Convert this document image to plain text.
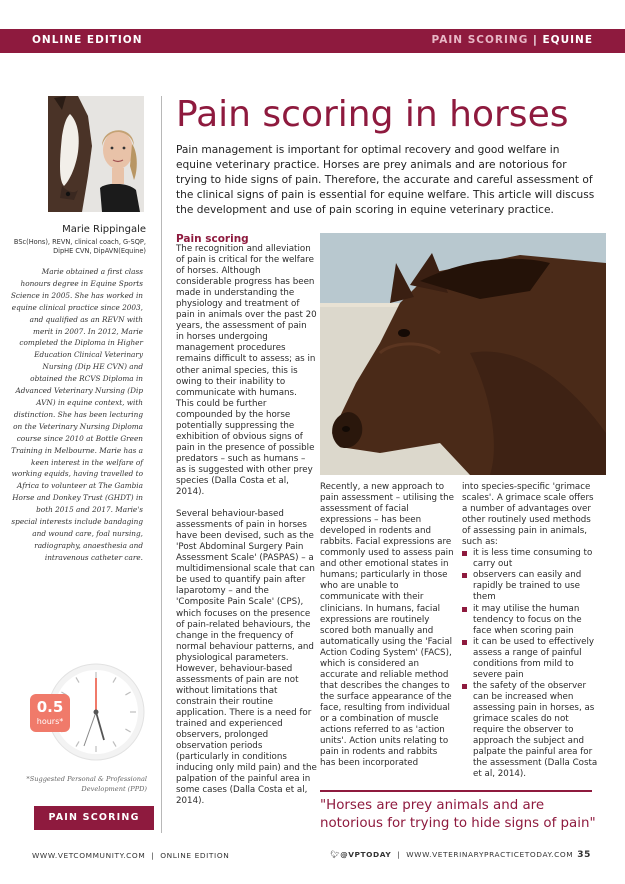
ONLINE EDITION	PAIN SCORING | EQUINE
Marie Rippingale
BSc(Hons), REVN, clinical coach, G-SQP, DipHE CVN, DipAVN(Equine)
Marie obtained a first class honours degree in Equine Sports Science in 2005. She has worked in equine clinical practice since 2003, and qualified as an REVN with merit in 2007. In 2012, Marie completed the Diploma in Higher Education Clinical Veterinary Nursing (Dip HE CVN) and obtained the RCVS Diploma in Advanced Veterinary Nursing (Dip AVN) in equine context, with distinction. She has been lecturing on the Veterinary Nursing Diploma course since 2010 at Bottle Green Training in Melbourne. Marie has a keen interest in the welfare of working equids, having travelled to Africa to volunteer at The Gambia Horse and Donkey Trust (GHDT) in both 2015 and 2017. Marie's special interests include bandaging and wound care, foal nursing, radiography, anaesthesia and intravenous catheter care.
0.5
hours*
*Suggested Personal & Professional Development (PPD)
PAIN SCORING
Pain scoring in horses
Pain management is important for optimal recovery and good welfare in equine veterinary practice. Horses are prey animals and are notorious for trying to hide signs of pain. Therefore, the accurate and careful assessment of the clinical signs of pain is essential for equine welfare. This article will discuss the development and use of pain scoring in equine veterinary practice.
Pain scoring

The recognition and alleviation of pain is critical for the welfare of horses. Although considerable progress has been made in understanding the physiology and treatment of pain in animals over the past 20 years, the assessment of pain in horses undergoing management procedures remains difficult to assess; as in other animal species, this is owing to their inability to communicate with humans. This could be further compounded by the horse potentially suppressing the exhibition of obvious signs of pain in the presence of possible predators – such as humans – as is suggested with other prey species (Dalla Costa et al, 2014).

Several behaviour-based assessments of pain in horses have been devised, such as the 'Post Abdominal Surgery Pain Assessment Scale' (PASPAS) – a multidimensional scale that can be used to quantify pain after laparotomy – and the 'Composite Pain Scale' (CPS), which focuses on the presence of pain-related behaviours, the change in the frequency of normal behaviour patterns, and physiological parameters. However, behaviour-based assessments of pain are not without limitations that constrain their routine application. There is a need for trained and experienced observers, prolonged observation periods (particularly in conditions inducing only mild pain) and the palpation of the painful area in some cases (Dalla Costa et al, 2014).

Recently, a new approach to pain assessment – utilising the assessment of facial expressions – has been developed in rodents and rabbits. Facial expressions are commonly used to assess pain and other emotional states in humans; particularly in those who are unable to communicate with their clinicians. In humans, facial expressions are routinely scored both manually and automatically using the 'Facial Action Coding System' (FACS), which is considered an accurate and reliable method that describes the changes to the surface appearance of the face, resulting from individual or a combination of muscle actions referred to as 'action units'. Action units relating to pain in rodents and rabbits has been incorporated

into species-specific 'grimace scales'. A grimace scale offers a number of advantages over other routinely used methods of assessing pain in animals, such as:

it is less time consuming to carry out
observers can easily and rapidly be trained to use them
it may utilise the human tendency to focus on the face when scoring pain
it can be used to effectively assess a range of painful conditions from mild to severe pain
the safety of the observer can be increased when assessing pain in horses, as grimace scales do not require the observer to approach the subject and palpate the painful area for the assessment (Dalla Costa et al, 2014).
"Horses are prey animals and are notorious for trying to hide signs of pain"
WWW.VETCOMMUNITY.COM  |  ONLINE EDITION	🐦︎@VPTODAY |  WWW.VETERINARYPRACTICETODAY.COM 35
